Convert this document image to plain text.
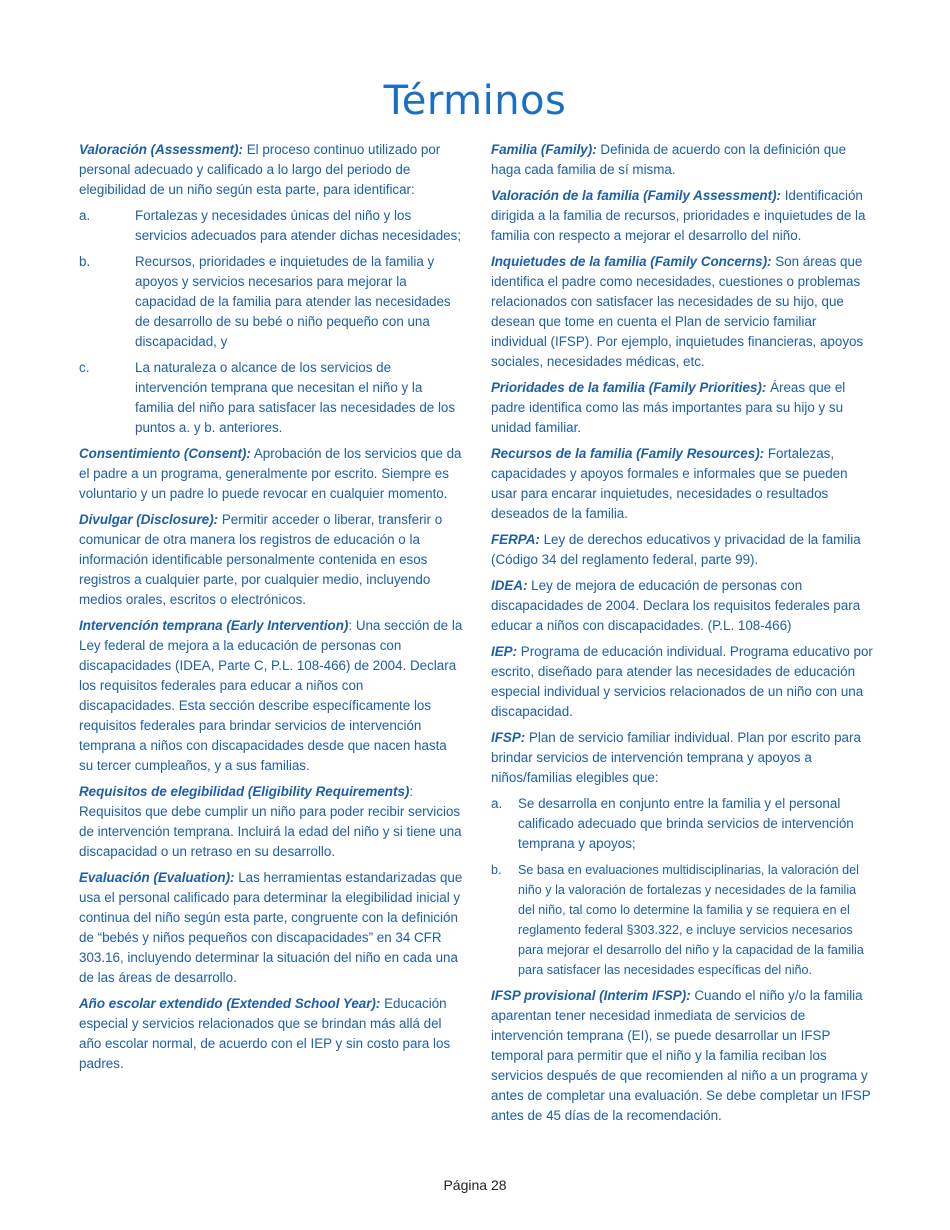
Términos

Valoración (Assessment): El proceso continuo utilizado por personal adecuado y calificado a lo largo del periodo de elegibilidad de un niño según esta parte, para identificar:

a.	Fortalezas y necesidades únicas del niño y los servicios adecuados para atender dichas necesidades;
b.	Recursos, prioridades e inquietudes de la familia y apoyos y servicios necesarios para mejorar la capacidad de la familia para atender las necesidades de desarrollo de su bebé o niño pequeño con una discapacidad, y
c.	La naturaleza o alcance de los servicios de intervención temprana que necesitan el niño y la familia del niño para satisfacer las necesidades de los puntos a. y b. anteriores.

Consentimiento (Consent): Aprobación de los servicios que da el padre a un programa, generalmente por escrito. Siempre es voluntario y un padre lo puede revocar en cualquier momento.

Divulgar (Disclosure): Permitir acceder o liberar, transferir o comunicar de otra manera los registros de educación o la información identificable personalmente contenida en esos registros a cualquier parte, por cualquier medio, incluyendo medios orales, escritos o electrónicos.

Intervención temprana (Early Intervention): Una sección de la Ley federal de mejora a la educación de personas con discapacidades (IDEA, Parte C, P.L. 108-466) de 2004. Declara los requisitos federales para educar a niños con discapacidades. Esta sección describe específicamente los requisitos federales para brindar servicios de intervención temprana a niños con discapacidades desde que nacen hasta su tercer cumpleaños, y a sus familias.

Requisitos de elegibilidad (Eligibility Requirements): Requisitos que debe cumplir un niño para poder recibir servicios de intervención temprana. Incluirá la edad del niño y si tiene una discapacidad o un retraso en su desarrollo.

Evaluación (Evaluation): Las herramientas estandarizadas que usa el personal calificado para determinar la elegibilidad inicial y continua del niño según esta parte, congruente con la definición de “bebés y niños pequeños con discapacidades” en 34 CFR 303.16, incluyendo determinar la situación del niño en cada una de las áreas de desarrollo.

Año escolar extendido (Extended School Year): Educación especial y servicios relacionados que se brindan más allá del año escolar normal, de acuerdo con el IEP y sin costo para los padres.

Familia (Family): Definida de acuerdo con la definición que haga cada familia de sí misma.

Valoración de la familia (Family Assessment): Identificación dirigida a la familia de recursos, prioridades e inquietudes de la familia con respecto a mejorar el desarrollo del niño.

Inquietudes de la familia (Family Concerns): Son áreas que identifica el padre como necesidades, cuestiones o problemas relacionados con satisfacer las necesidades de su hijo, que desean que tome en cuenta el Plan de servicio familiar individual (IFSP). Por ejemplo, inquietudes financieras, apoyos sociales, necesidades médicas, etc.

Prioridades de la familia (Family Priorities): Áreas que el padre identifica como las más importantes para su hijo y su unidad familiar.

Recursos de la familia (Family Resources): Fortalezas, capacidades y apoyos formales e informales que se pueden usar para encarar inquietudes, necesidades o resultados deseados de la familia.

FERPA: Ley de derechos educativos y privacidad de la familia (Código 34 del reglamento federal, parte 99).

IDEA: Ley de mejora de educación de personas con discapacidades de 2004. Declara los requisitos federales para educar a niños con discapacidades. (P.L. 108-466)

IEP: Programa de educación individual. Programa educativo por escrito, diseñado para atender las necesidades de educación especial individual y servicios relacionados de un niño con una discapacidad.

IFSP: Plan de servicio familiar individual. Plan por escrito para brindar servicios de intervención temprana y apoyos a niños/familias elegibles que:

a. Se desarrolla en conjunto entre la familia y el personal calificado adecuado que brinda servicios de intervención temprana y apoyos;
b. Se basa en evaluaciones multidisciplinarias, la valoración del niño y la valoración de fortalezas y necesidades de la familia del niño, tal como lo determine la familia y se requiera en el reglamento federal §303.322, e incluye servicios necesarios para mejorar el desarrollo del niño y la capacidad de la familia para satisfacer las necesidades específicas del niño.

IFSP provisional (Interim IFSP): Cuando el niño y/o la familia aparentan tener necesidad inmediata de servicios de intervención temprana (EI), se puede desarrollar un IFSP temporal para permitir que el niño y la familia reciban los servicios después de que recomienden al niño a un programa y antes de completar una evaluación. Se debe completar un IFSP antes de 45 días de la recomendación.

Página 28
